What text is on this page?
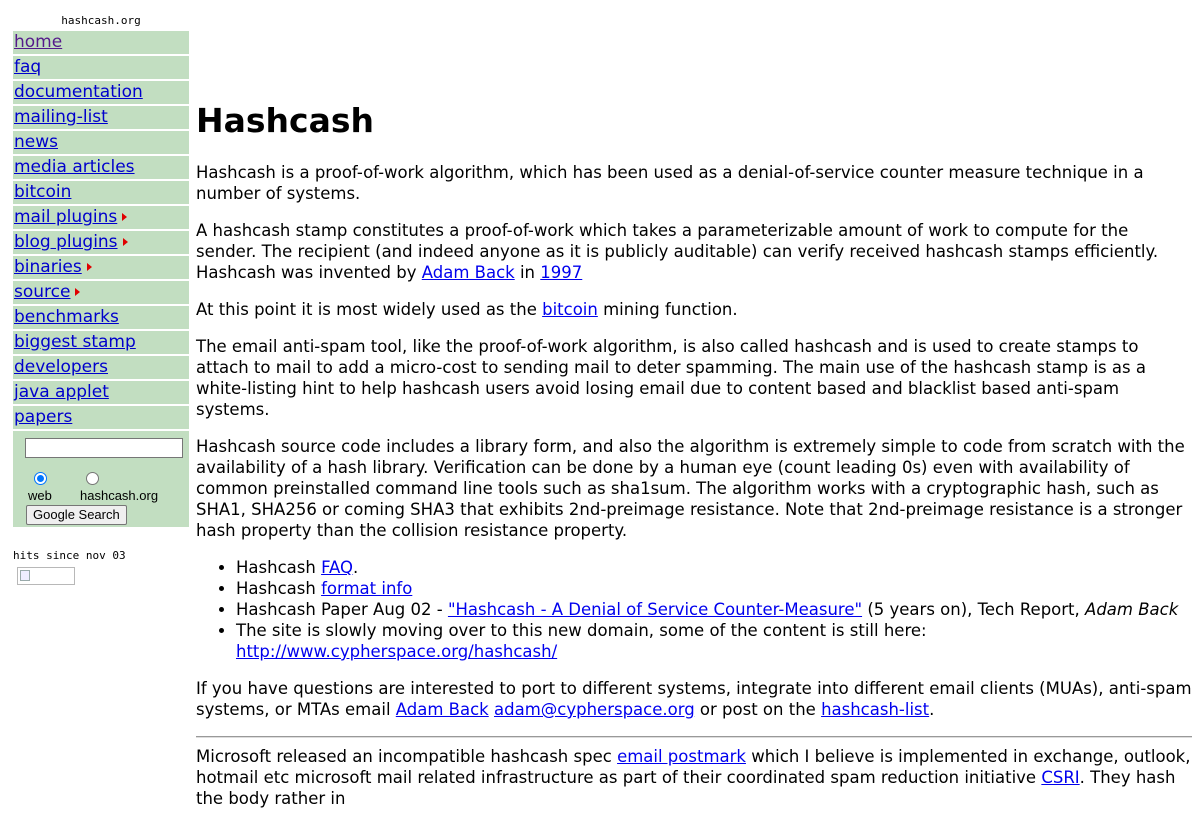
hashcash.org
home
faq
documentation
mailing-list
news
media articles
bitcoin
mail plugins
blog plugins
binaries
source
benchmarks
biggest stamp
developers
java applet
papers
web hashcash.org
Google Search
hits since nov 03
Hashcash

Hashcash is a proof-of-work algorithm, which has been used as a denial-of-service counter measure technique in a number of systems.

A hashcash stamp constitutes a proof-of-work which takes a parameterizable amount of work to compute for the sender. The recipient (and indeed anyone as it is publicly auditable) can verify received hashcash stamps efficiently. Hashcash was invented by Adam Back in 1997

At this point it is most widely used as the bitcoin mining function.

The email anti-spam tool, like the proof-of-work algorithm, is also called hashcash and is used to create stamps to attach to mail to add a micro-cost to sending mail to deter spamming. The main use of the hashcash stamp is as a white-listing hint to help hashcash users avoid losing email due to content based and blacklist based anti-spam systems.

Hashcash source code includes a library form, and also the algorithm is extremely simple to code from scratch with the availability of a hash library. Verification can be done by a human eye (count leading 0s) even with availability of common preinstalled command line tools such as sha1sum. The algorithm works with a cryptographic hash, such as SHA1, SHA256 or coming SHA3 that exhibits 2nd-preimage resistance. Note that 2nd-preimage resistance is a stronger hash property than the collision resistance property.

• Hashcash FAQ.
• Hashcash format info
• Hashcash Paper Aug 02 - "Hashcash - A Denial of Service Counter-Measure" (5 years on), Tech Report, Adam Back
• The site is slowly moving over to this new domain, some of the content is still here: http://www.cypherspace.org/hashcash/

If you have questions are interested to port to different systems, integrate into different email clients (MUAs), anti-spam systems, or MTAs email Adam Back adam@cypherspace.org or post on the hashcash-list.

Microsoft released an incompatible hashcash spec email postmark which I believe is implemented in exchange, outlook, hotmail etc microsoft mail related infrastructure as part of their coordinated spam reduction initiative CSRI. They hash the body rather in
